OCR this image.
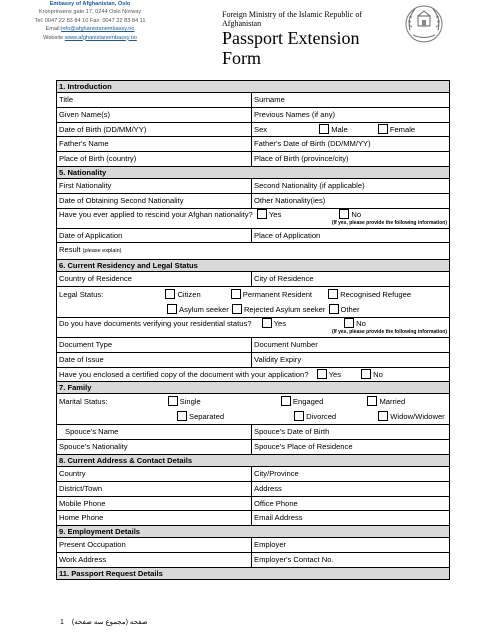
Embassy of Afghanistan, Oslo
Kronprinsens gate 17, 0244 Oslo Norway
Tel: 0047 22 83 84 10 Fax: 0047 22 83 84 11
Email:info@afghanistanembassy.no
Website:www.afghanistanembassy.no
Foreign Ministry of the Islamic Republic of Afghanistan
Passport Extension Form
1. Introduction	
Title	Surname
Given Name(s)	Previous Names (if any)
Date of Birth (DD/MM/YY)	Sex Male Female
Father's Name	Father's Date of Birth (DD/MM/YY)
Place of Birth (country)	Place of Birth (province/city)
5. Nationality	
First Nationality	Second Nationality (if applicable)
Date of Obtaining Second Nationality	Other Nationality(ies)
Have you ever applied to rescind your Afghan nationality? Yes No
(If yes, please provide the following information)	

Date of Application	Place of Application
Result (please explain)	
6. Current Residency and Legal Status	
Country of Residence	City of Residence

Legal Status: Citizen Permanent Resident Recognised Refugee
Asylum seeker Rejected Asylum seeker Other	

Do you have documents verifying your residential status? Yes No
(If yes, please provide the following information)	

Document Type	Document Number
Date of Issue	Validity Expiry
Have you enclosed a certified copy of the document with your application? Yes No	
7. Family	

Marital Status: Single Engaged Married
Separated Divorced Widow/Widower	

Spouce's Name	Spouce's Date of Birth
Spouce's Nationality	Spouce's Place of Residence
8. Current Address & Contact Details	
Country	City/Province
District/Town	Address
Mobile Phone	Office Phone
Home Phone	Email Address
9. Employment Details	
Present Occupation	Employer
Work Address	Employer's Contact No.
11. Passport Request Details	
1 (مجموع سه صفحه) صفحه
